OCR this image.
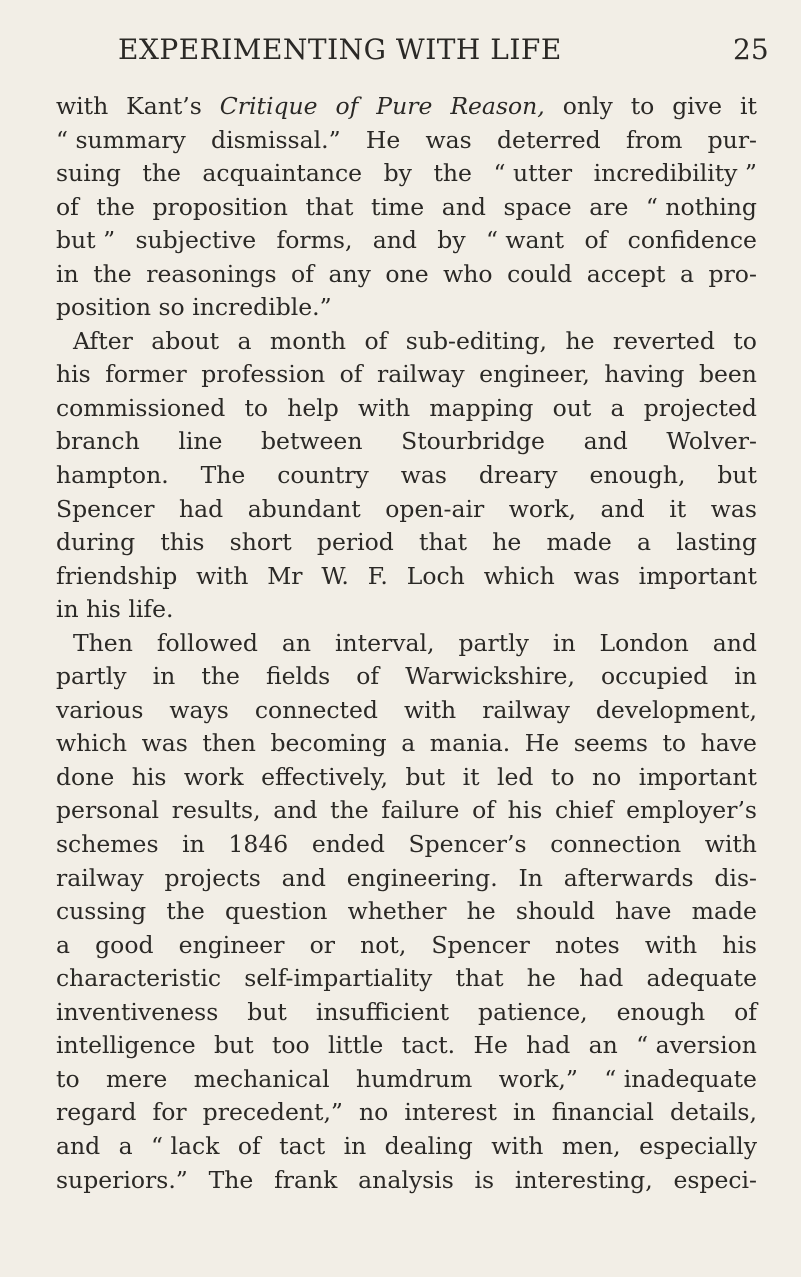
EXPERIMENTING WITH LIFE	25
with Kant’s Critique of Pure Reason, only to give it
“ summary dismissal.” He was deterred from pur-
suing the acquaintance by the “ utter incredibility ”
of the proposition that time and space are “ nothing
but ” subjective forms, and by “ want of confidence
in the reasonings of any one who could accept a pro-
position
so
incredible.”
After about a month of sub-editing, he reverted to
his former profession of railway engineer, having been
commissioned to help with mapping out a projected
branch line between Stourbridge and Wolver-
hampton. The country was dreary enough, but
Spencer had abundant open-air work, and it was
during this short period that he made a lasting
friendship with Mr W. F. Loch which was important
in
his
life.
Then followed an interval, partly in London and
partly in the fields of Warwickshire, occupied in
various ways connected with railway development,
which was then becoming a mania. He seems to have
done his work effectively, but it led to no important
personal results, and the failure of his chief employer’s
schemes in 1846 ended Spencer’s connection with
railway projects and engineering. In afterwards dis-
cussing the question whether he should have made
a good engineer or not, Spencer notes with his
characteristic self-impartiality that he had adequate
inventiveness but insufficient patience, enough of
intelligence but too little tact. He had an “ aversion
to mere mechanical humdrum work,” “ inadequate
regard for precedent,” no interest in financial details,
and a “ lack of tact in dealing with men, especially
superiors.” The frank analysis is interesting, especi-
